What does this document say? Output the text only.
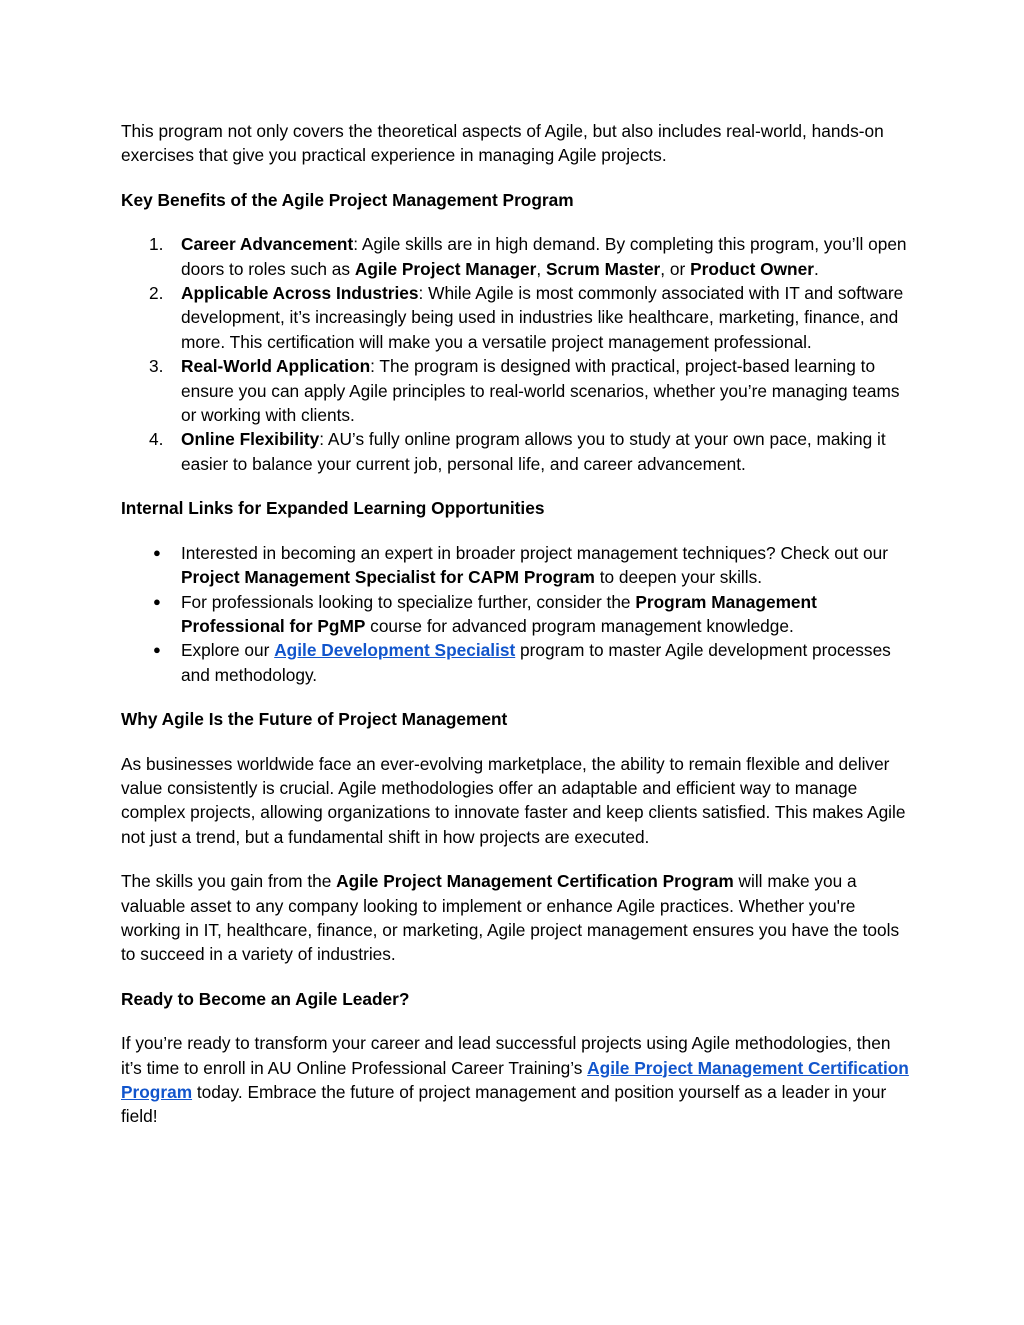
This program not only covers the theoretical aspects of Agile, but also includes real-world, hands-on exercises that give you practical experience in managing Agile projects.

Key Benefits of the Agile Project Management Program
1. Career Advancement: Agile skills are in high demand. By completing this program, you’ll open doors to roles such as Agile Project Manager, Scrum Master, or Product Owner.
2. Applicable Across Industries: While Agile is most commonly associated with IT and software development, it’s increasingly being used in industries like healthcare, marketing, finance, and more. This certification will make you a versatile project management professional.
3. Real-World Application: The program is designed with practical, project-based learning to ensure you can apply Agile principles to real-world scenarios, whether you’re managing teams or working with clients.
4. Online Flexibility: AU’s fully online program allows you to study at your own pace, making it easier to balance your current job, personal life, and career advancement.
Internal Links for Expanded Learning Opportunities
● Interested in becoming an expert in broader project management techniques? Check out our Project Management Specialist for CAPM Program to deepen your skills.
● For professionals looking to specialize further, consider the Program Management Professional for PgMP course for advanced program management knowledge.
● Explore our Agile Development Specialist program to master Agile development processes and methodology.
Why Agile Is the Future of Project Management

As businesses worldwide face an ever-evolving marketplace, the ability to remain flexible and deliver value consistently is crucial. Agile methodologies offer an adaptable and efficient way to manage complex projects, allowing organizations to innovate faster and keep clients satisfied. This makes Agile not just a trend, but a fundamental shift in how projects are executed.

The skills you gain from the Agile Project Management Certification Program will make you a valuable asset to any company looking to implement or enhance Agile practices. Whether you're working in IT, healthcare, finance, or marketing, Agile project management ensures you have the tools to succeed in a variety of industries.

Ready to Become an Agile Leader?

If you’re ready to transform your career and lead successful projects using Agile methodologies, then it’s time to enroll in AU Online Professional Career Training’s Agile Project Management Certification Program today. Embrace the future of project management and position yourself as a leader in your field!
